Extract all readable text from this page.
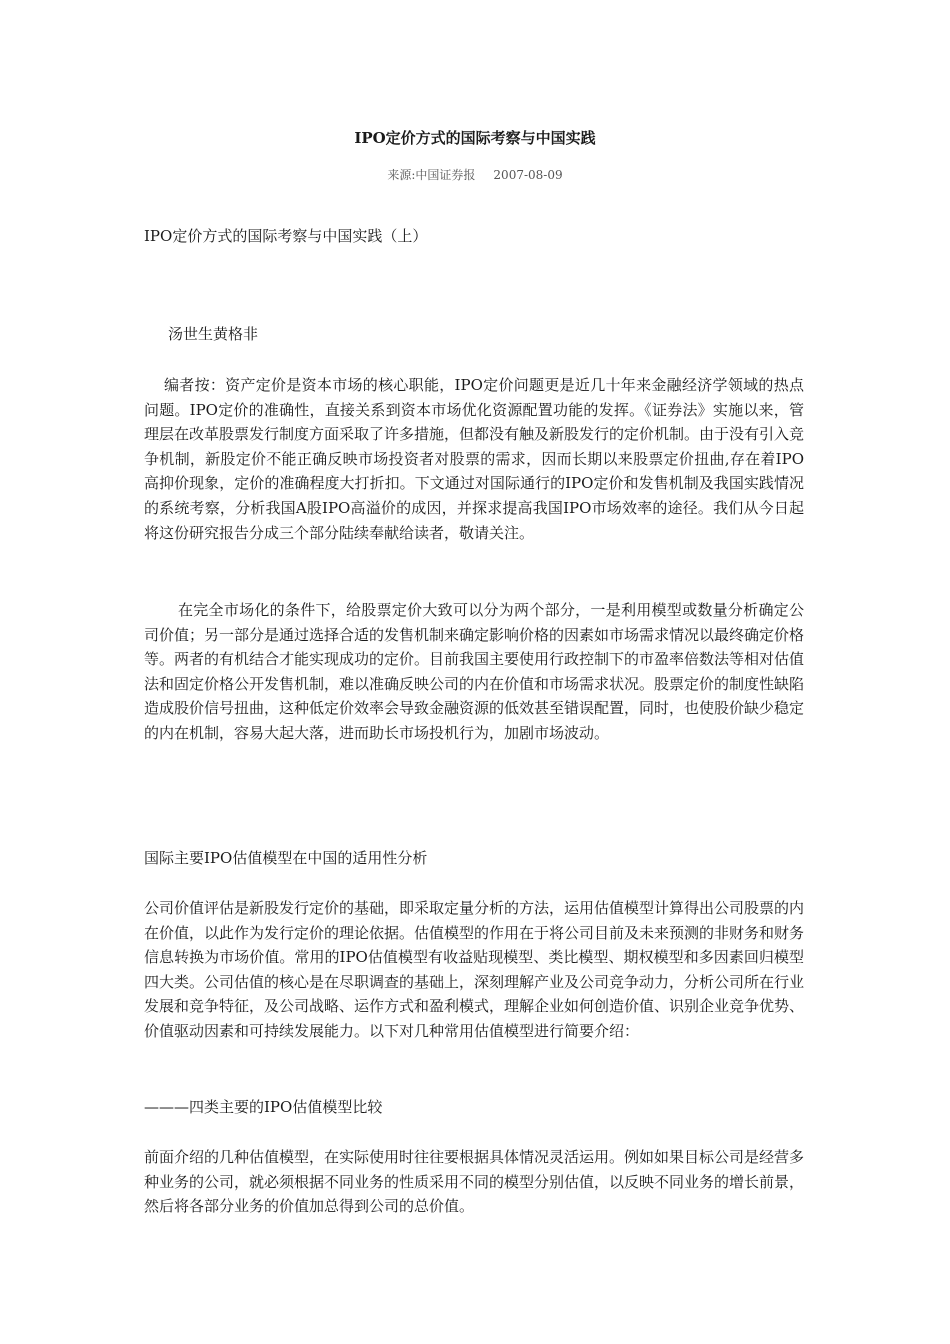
IPO定价方式的国际考察与中国实践
来源:中国证券报 2007-08-09

IPO定价方式的国际考察与中国实践（上）

汤世生黄格非

编者按：资产定价是资本市场的核心职能，IPO定价问题更是近几十年来金融经济学领域的热点问题。IPO定价的准确性，直接关系到资本市场优化资源配置功能的发挥。《证券法》实施以来，管理层在改革股票发行制度方面采取了许多措施，但都没有触及新股发行的定价机制。由于没有引入竞争机制，新股定价不能正确反映市场投资者对股票的需求，因而长期以来股票定价扭曲,存在着IPO高抑价现象，定价的准确程度大打折扣。下文通过对国际通行的IPO定价和发售机制及我国实践情况的系统考察，分析我国A股IPO高溢价的成因，并探求提高我国IPO市场效率的途径。我们从今日起将这份研究报告分成三个部分陆续奉献给读者，敬请关注。

在完全市场化的条件下，给股票定价大致可以分为两个部分，一是利用模型或数量分析确定公司价值；另一部分是通过选择合适的发售机制来确定影响价格的因素如市场需求情况以最终确定价格等。两者的有机结合才能实现成功的定价。目前我国主要使用行政控制下的市盈率倍数法等相对估值法和固定价格公开发售机制，难以准确反映公司的内在价值和市场需求状况。股票定价的制度性缺陷造成股价信号扭曲，这种低定价效率会导致金融资源的低效甚至错误配置，同时，也使股价缺少稳定的内在机制，容易大起大落，进而助长市场投机行为，加剧市场波动。

国际主要IPO估值模型在中国的适用性分析

公司价值评估是新股发行定价的基础，即采取定量分析的方法，运用估值模型计算得出公司股票的内在价值，以此作为发行定价的理论依据。估值模型的作用在于将公司目前及未来预测的非财务和财务信息转换为市场价值。常用的IPO估值模型有收益贴现模型、类比模型、期权模型和多因素回归模型四大类。公司估值的核心是在尽职调查的基础上，深刻理解产业及公司竞争动力，分析公司所在行业发展和竞争特征，及公司战略、运作方式和盈利模式，理解企业如何创造价值、识别企业竞争优势、价值驱动因素和可持续发展能力。以下对几种常用估值模型进行简要介绍：

———四类主要的IPO估值模型比较

前面介绍的几种估值模型，在实际使用时往往要根据具体情况灵活运用。例如如果目标公司是经营多种业务的公司，就必须根据不同业务的性质采用不同的模型分别估值，以反映不同业务的增长前景，然后将各部分业务的价值加总得到公司的总价值。
